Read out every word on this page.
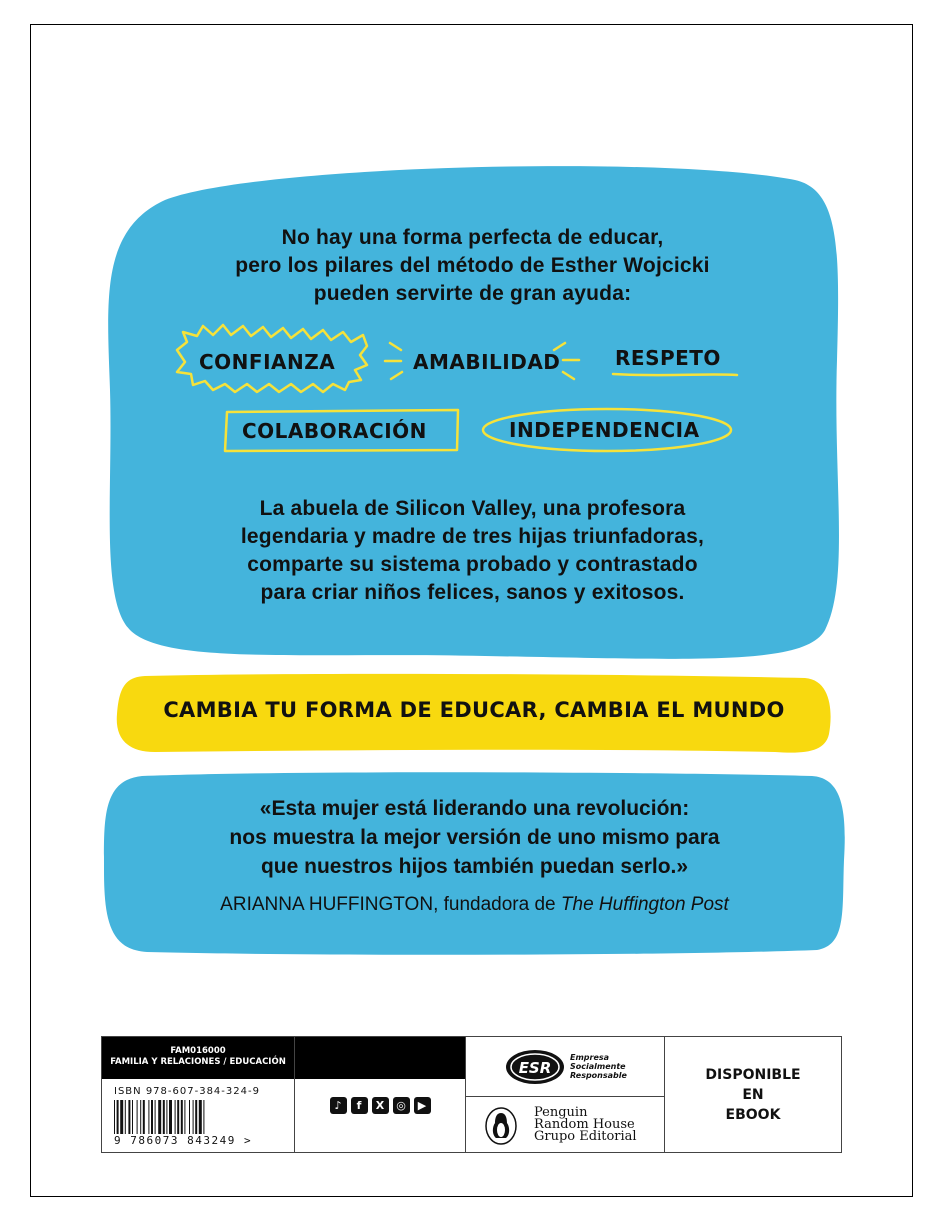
No hay una forma perfecta de educar,
pero los pilares del método de Esther Wojcicki
pueden servirte de gran ayuda:
CONFIANZA	AMABILIDAD	RESPETO
COLABORACIÓN	INDEPENDENCIA
La abuela de Silicon Valley, una profesora
legendaria y madre de tres hijas triunfadoras,
comparte su sistema probado y contrastado
para criar niños felices, sanos y exitosos.
CAMBIA TU FORMA DE EDUCAR, CAMBIA EL MUNDO
«Esta mujer está liderando una revolución:
nos muestra la mejor versión de uno mismo para
que nuestros hijos también puedan serlo.»
ARIANNA HUFFINGTON, fundadora de The Huffington Post
FAM016000
FAMILIA Y RELACIONES / EDUCACIÓN
ISBN 978-607-384-324-9
9 786073 843249 >
♪	f	X	◎	▶
ESR
Empresa
Socialmente
Responsable
Penguin
Random House
Grupo Editorial
DISPONIBLE EN
EBOOK
